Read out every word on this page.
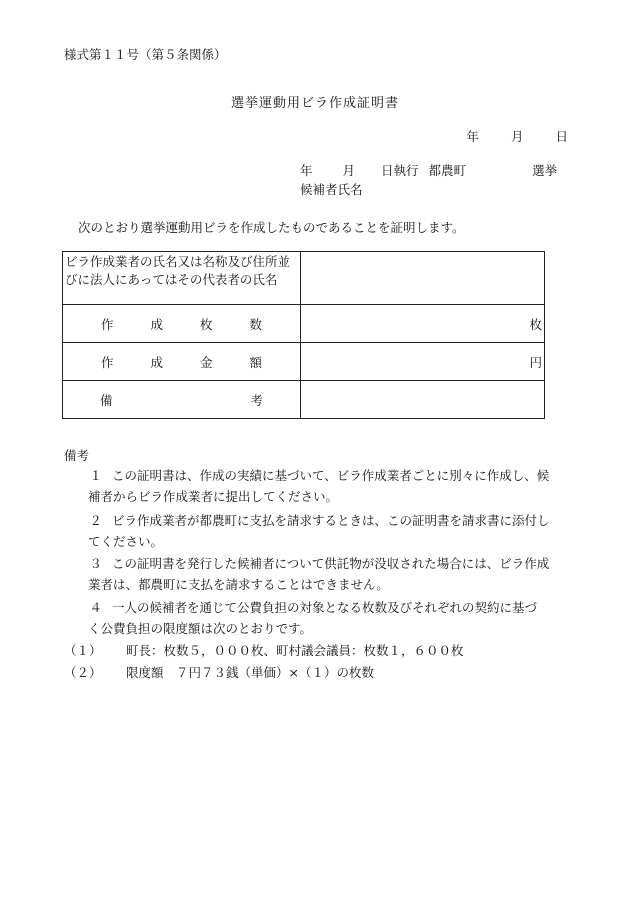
様式第１１号（第５条関係）
選挙運動用ビラ作成証明書
年	月	日
年 月 日執行 都農町	選挙
候補者氏名
次のとおり選挙運動用ビラを作成したものであることを証明します。
ビラ作成業者の氏名又は名称及び住所並びに法人にあってはその代表者の氏名	

作 成 枚 数	枚

作 成 金 額	円

備 考	

備考
１ この証明書は、作成の実績に基づいて、ビラ作成業者ごとに別々に作成し、候
補者からビラ作成業者に提出してください。
２ ビラ作成業者が都農町に支払を請求するときは、この証明書を請求書に添付し
てください。
３ この証明書を発行した候補者について供託物が没収された場合には、ビラ作成
業者は、都農町に支払を請求することはできません。
４ 一人の候補者を通じて公費負担の対象となる枚数及びそれぞれの契約に基づ
く公費負担の限度額は次のとおりです。
（１） 町長：枚数５，０００枚、町村議会議員：枚数１，６００枚
（２） 限度額　７円７３銭（単価）×（１）の枚数
